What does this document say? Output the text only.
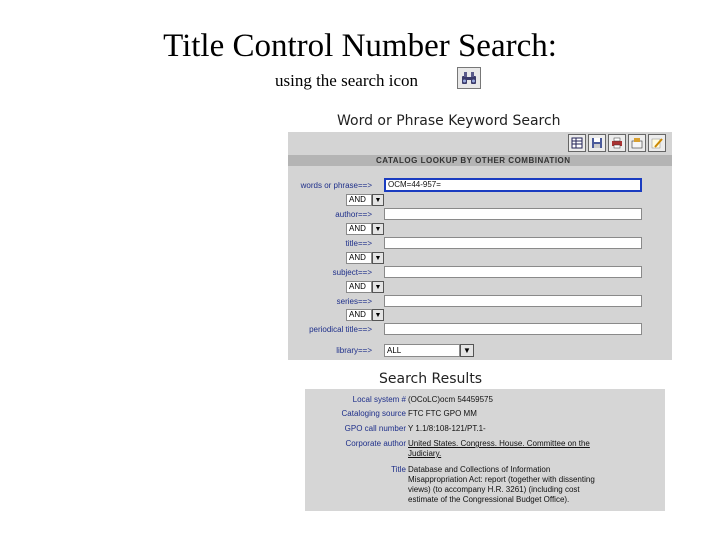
Title Control Number Search:
using the search icon
Word or Phrase Keyword Search
CATALOG LOOKUP BY OTHER COMBINATION
words or phrase==>	OCM=44-957=
AND	▼
author==>
AND	▼
title==>
AND	▼
subject==>
AND	▼
series==>
AND	▼
periodical title==>
library==>	ALL	▼
Search Results
Local system # (OCoLC)ocm 54459575
Cataloging source FTC FTC GPO MM
GPO call number Y 1.1/8:108-121/PT.1-
Corporate author United States. Congress. House. Committee on the
Judiciary.
Title Database and Collections of Information
Misappropriation Act: report (together with dissenting
views) (to accompany H.R. 3261) (including cost
estimate of the Congressional Budget Office).
